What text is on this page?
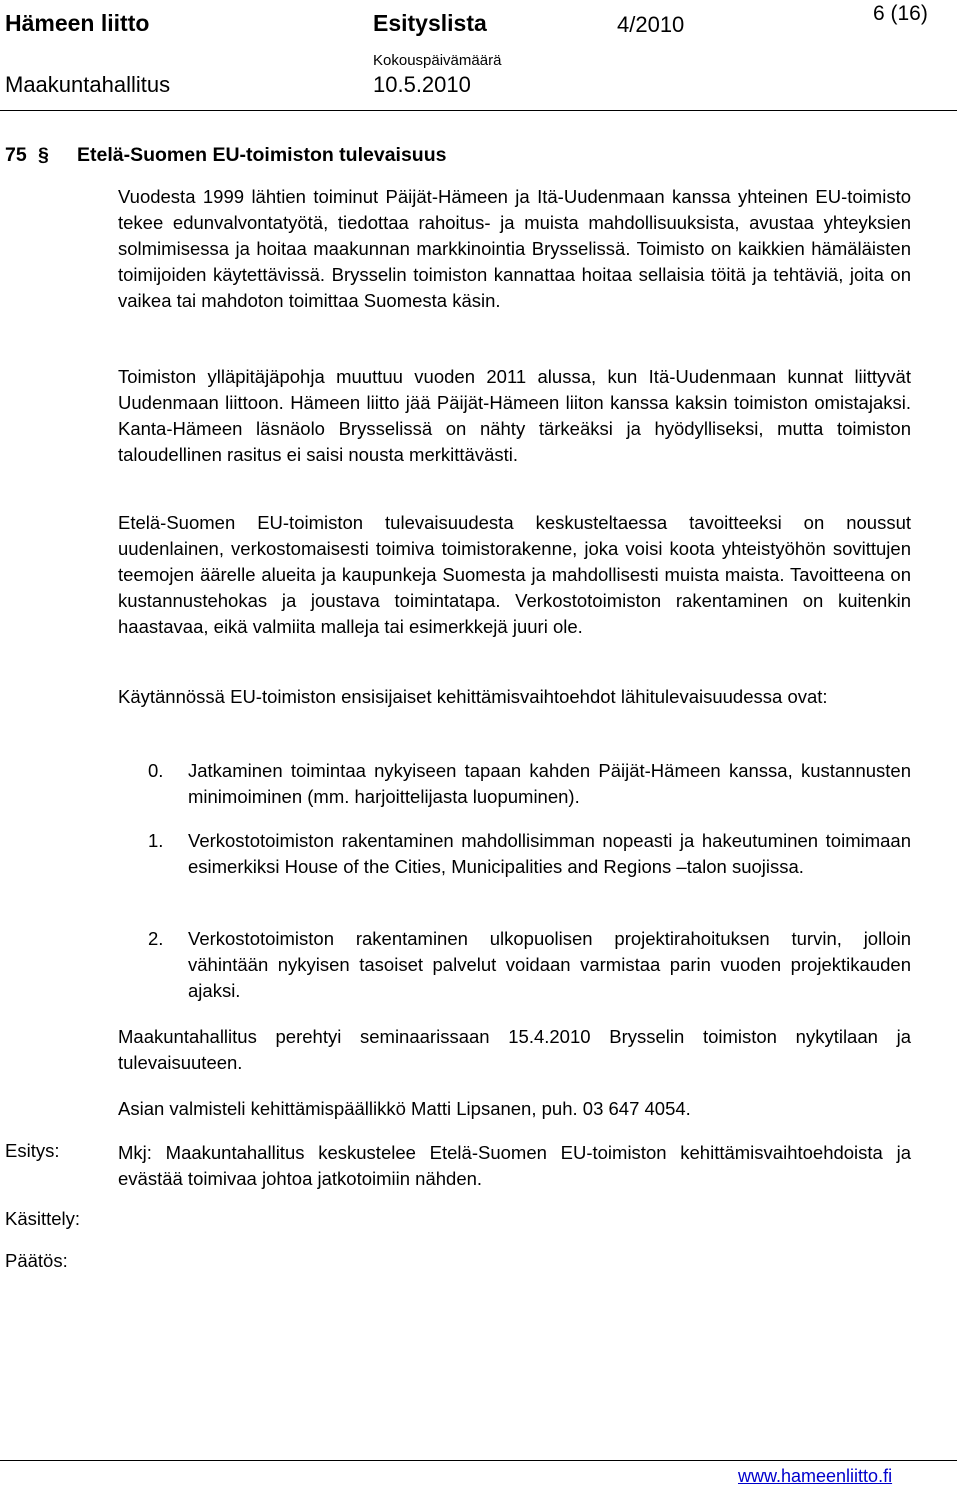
Hämeen liitto	Esityslista	4/2010	6 (16)
Kokouspäivämäärä
Maakuntahallitus	10.5.2010
75 § Etelä-Suomen EU-toimiston tulevaisuus

Vuodesta 1999 lähtien toiminut Päijät-Hämeen ja Itä-Uudenmaan kanssa yhteinen EU-toimisto tekee edunvalvontatyötä, tiedottaa rahoitus- ja muista mahdollisuuksista, avustaa yhteyksien solmimisessa ja hoitaa maakunnan markkinointia Brysselissä. Toimisto on kaikkien hämäläisten toimijoiden käytettävissä. Brysselin toimiston kannattaa hoitaa sellaisia töitä ja tehtäviä, joita on vaikea tai mahdoton toimittaa Suomesta käsin.

Toimiston ylläpitäjäpohja muuttuu vuoden 2011 alussa, kun Itä-Uudenmaan kunnat liittyvät Uudenmaan liittoon. Hämeen liitto jää Päijät-Hämeen liiton kanssa kaksin toimiston omistajaksi. Kanta-Hämeen läsnäolo Brysselissä on nähty tärkeäksi ja hyödylliseksi, mutta toimiston taloudellinen rasitus ei saisi nousta merkittävästi.

Etelä-Suomen EU-toimiston tulevaisuudesta keskusteltaessa tavoitteeksi on noussut uudenlainen, verkostomaisesti toimiva toimistorakenne, joka voisi koota yhteistyöhön sovittujen teemojen äärelle alueita ja kaupunkeja Suomesta ja mahdollisesti muista maista. Tavoitteena on kustannustehokas ja joustava toimintatapa. Verkostotoimiston rakentaminen on kuitenkin haastavaa, eikä valmiita malleja tai esimerkkejä juuri ole.

Käytännössä EU-toimiston ensisijaiset kehittämisvaihtoehdot lähitulevaisuudessa ovat:

0. Jatkaminen toimintaa nykyiseen tapaan kahden Päijät-Hämeen kanssa, kustannusten minimoiminen (mm. harjoittelijasta luopuminen).
1. Verkostotoimiston rakentaminen mahdollisimman nopeasti ja hakeutuminen toimimaan esimerkiksi House of the Cities, Municipalities and Regions –talon suojissa.
2. Verkostotoimiston rakentaminen ulkopuolisen projektirahoituksen turvin, jolloin vähintään nykyisen tasoiset palvelut voidaan varmistaa parin vuoden projektikauden ajaksi.

Maakuntahallitus perehtyi seminaarissaan 15.4.2010 Brysselin toimiston nykytilaan ja tulevaisuuteen.

Asian valmisteli kehittämispäällikkö Matti Lipsanen, puh. 03 647 4054.

Esitys:	Mkj: Maakuntahallitus keskustelee Etelä-Suomen EU-toimiston kehittämisvaihtoehdoista ja evästää toimivaa johtoa jatkotoimiin nähden.

Käsittely:
Päätös:
www.hameenliitto.fi
